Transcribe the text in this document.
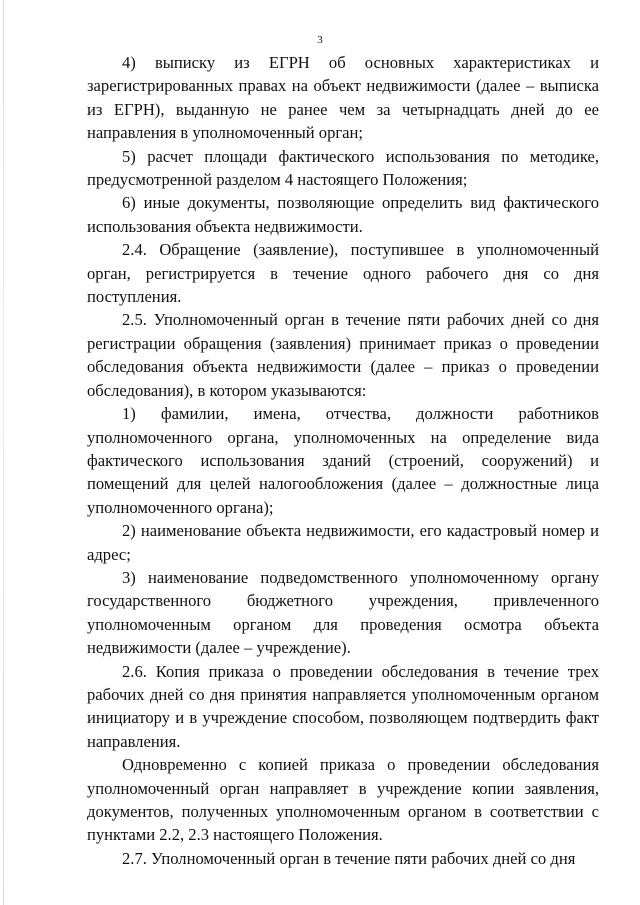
3

4) выписку из ЕГРН об основных характеристиках и зарегистрированных правах на объект недвижимости (далее – выписка из ЕГРН), выданную не ранее чем за четырнадцать дней до ее направления в уполномоченный орган;

5) расчет площади фактического использования по методике, предусмотренной разделом 4 настоящего Положения;

6) иные документы, позволяющие определить вид фактического использования объекта недвижимости.

2.4. Обращение (заявление), поступившее в уполномоченный орган, регистрируется в течение одного рабочего дня со дня поступления.

2.5. Уполномоченный орган в течение пяти рабочих дней со дня регистрации обращения (заявления) принимает приказ о проведении обследования объекта недвижимости (далее – приказ о проведении обследования), в котором указываются:

1) фамилии, имена, отчества, должности работников уполномоченного органа, уполномоченных на определение вида фактического использования зданий (строений, сооружений) и помещений для целей налогообложения (далее – должностные лица уполномоченного органа);

2) наименование объекта недвижимости, его кадастровый номер и адрес;

3) наименование подведомственного уполномоченному органу государственного бюджетного учреждения, привлеченного уполномоченным органом для проведения осмотра объекта недвижимости (далее – учреждение).

2.6. Копия приказа о проведении обследования в течение трех рабочих дней со дня принятия направляется уполномоченным органом инициатору и в учреждение способом, позволяющем подтвердить факт направления.

Одновременно с копией приказа о проведении обследования уполномоченный орган направляет в учреждение копии заявления, документов, полученных уполномоченным органом в соответствии с пунктами 2.2, 2.3 настоящего Положения.

2.7. Уполномоченный орган в течение пяти рабочих дней со дня
